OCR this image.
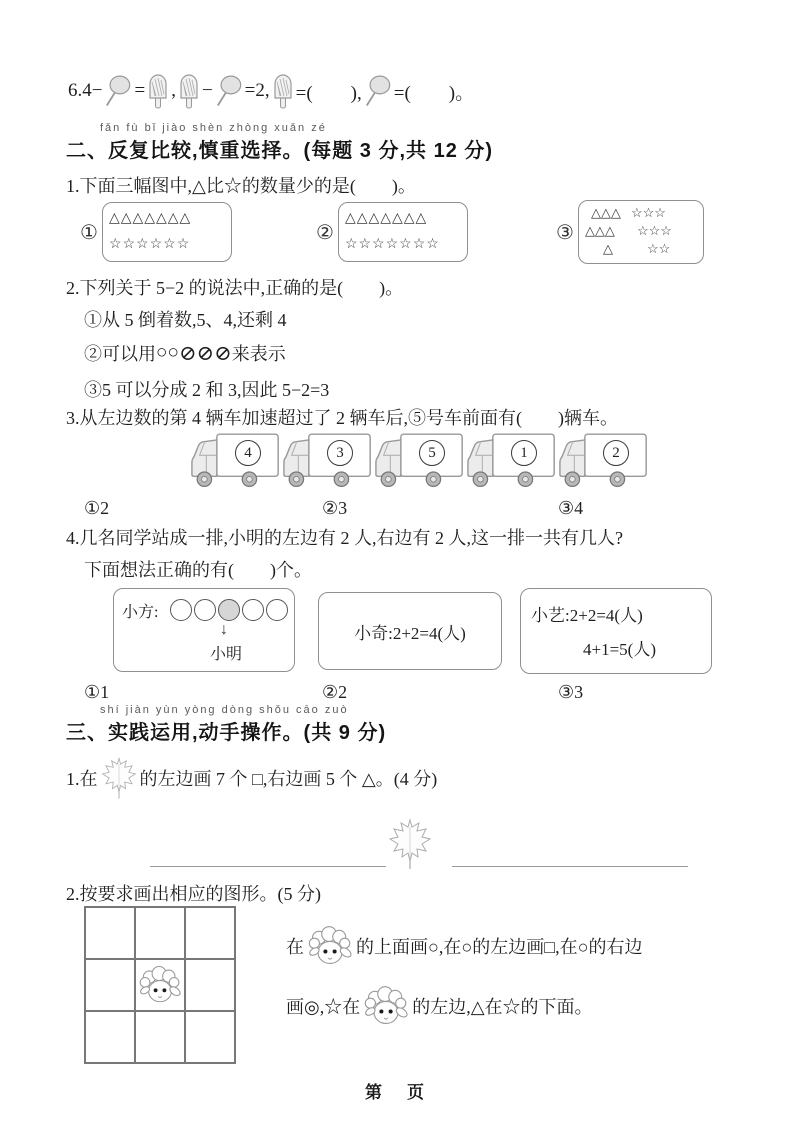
6.4− = , − =2, =(　　), =(　　)。
fǎn fù bǐ jiào shèn zhòng xuǎn zé
二、反复比较,慎重选择。(每题 3 分,共 12 分)
1.下面三幅图中,△比☆的数量少的是(　　)。
①
△△△△△△△
☆☆☆☆☆☆
②
△△△△△△△
☆☆☆☆☆☆☆
③
△△△
△△△
△
☆☆☆
☆☆☆
☆☆
2.下列关于 5−2 的说法中,正确的是(　　)。
①从 5 倒着数,5、4,还剩 4
②可以用 ○○ ⊘⊘⊘ 来表示
③5 可以分成 2 和 3,因此 5−2=3
3.从左边数的第 4 辆车加速超过了 2 辆车后,⑤号车前面有(　　)辆车。
4	3	5	1	2
①2	②3	③4
4.几名同学站成一排,小明的左边有 2 人,右边有 2 人,这一排一共有几人?
下面想法正确的有(　　)个。
小方:
↓
小明
小奇:2+2=4(人)
小艺:2+2=4(人)
4+1=5(人)
①1	②2	③3
shí jiàn yùn yòng dòng shǒu cāo zuò
三、实践运用,动手操作。(共 9 分)
1.在 的左边画 7 个 □,右边画 5 个 △。(4 分)
2.按要求画出相应的图形。(5 分)
在	的上面画○,在○的左边画□,在○的右边
画◎,☆在	的左边,△在☆的下面。
第　页
